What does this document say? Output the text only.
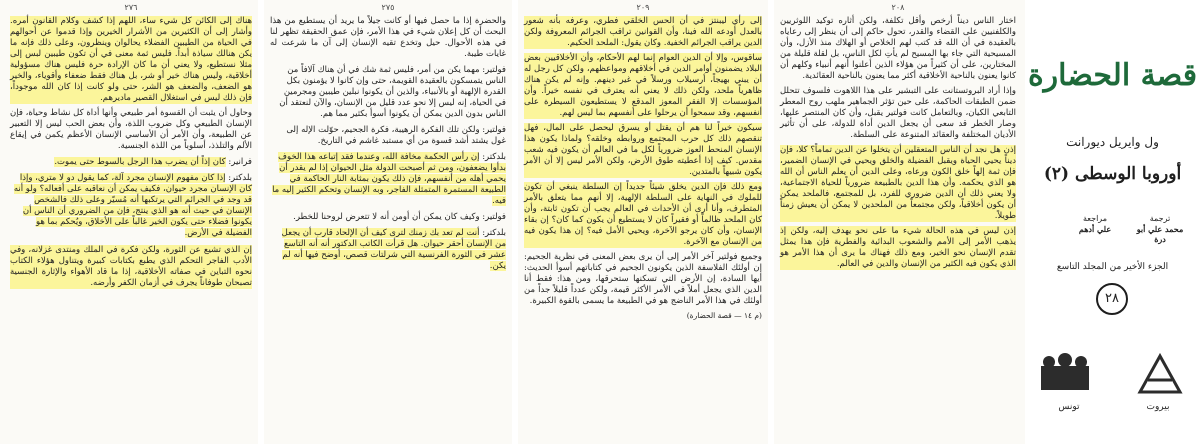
٢٧٦

هناك إلى الكائن كل شيء ساء، اللهم إذا كشف وكلام القانون أمره. وأشار إلى أن الكثيرين من الأشرار الخيرين وإذا قدموا عن أحوالهم في الحياة من الطيبين الفضلاء يحالوان وينظرون، وعلى ذلك فإنه ما يكن هنالك سياذة أبداً. فليس ثمة معنى في أن تكون طيبين لبس إلى مثلا نستطيع، ولا يعني أن ما كان الإرادة حرة فليس هناك مسؤولية أخلاقية، وليس هناك خير أو شر، بل هناك فقط ضعفاء وأقوياء، والخير هو الضعف، والضعف هو الشر، حتى ولو كانت إذا كان الله موجوداً، فإن ذلك ليس في استغلال القصير ماديرهم.

وحاول أن يثبت أن القسوة أمر طبيعي وأنها أداة كل نشاط وحياة، فإن الإنسان الطبيعي وكل ضروب اللذة، وأن بعض الحب ليس إلا التعبير عن الطبيعة، وأن الأمر أن الأساسي الإنسان الأعظم يكمن في إيقاع الألم والتلذذ، أسلوباً من اللذة الجنسية.

فرانير: كان إذاً أن يضرب هذا الرجل بالسوط حتى يموت.
بلدكتر: إذا كان مفهوم الإنسان مجرد آلة، كما يقول دو لا متري، وإذا كان الإنسان مجرد حيوان، فكيف يمكن أن نعاقبه على أفعاله؟ ولو أنه قد وجد في الجرائم التي يرتكبها أنه مُسيّر وعلى ذلك فالشخص الإنسان في حيث أنه هو الذي ينتج، فإن من الضروري أن الناس أن يكونوا فضلاء حتى يكون الخير غالباً على الأخلاق، ويُحكم بما هو الفضيلة في الأرض.

إن الذي تشيع عن الثورة، ولكن فكرة في الملك ومنتدى غزلانه، وفي الأدب الفاجر التحكم الذي يطبع بكتابات كبيرة ويتناول هؤلاء الكتاب نحوه التباين في صفاته الأخلاقية، إذا ما قاد الأهواء والإثارة الجنسية تصبحان طوفاناً يجرف في أزمان الكفر وأرضه.

٢٧٥

والحضرة إذا ما حصل فيها أو كانت جيلاً ما يريد أن يستطيع من هذا البحث أن كل إعلان شيء في هذا الأمر، فإن عمق الحقيقة تظهر لنا في هذه الأحوال. حيل وتخدع تقيه الإنسان إلى آن ما شرعت له غايات طيبة.

فولتير: مهما يكن من أمر، فليس ثمة شك في أن هناك آلافاً من الناس يتمسكون بالعقيدة القويمة، حتى وإن كانوا لا يؤمنون بكل القدرة الإلهية أو بالأنبياء، والذين أن يكونوا نبلين طيبين ومجرمين في الحياة، إنه ليس إلا نحو عدد قليل من الإنسان، والآن لنعتقد أن الناس بدون الدين يمكن أن يكونوا أسوأ بكثير مما هم.
فولتير: ولكن تلك الفكرة الرهيبة، فكرة الجحيم، حوّلت الإله إلى غول يشتد أشد قسوة من أي مستبد غاشم في التاريخ.
بلدكتر: إن رأس الحكمة مخافة الله، وعندما فقد إتباعه هذا الخوف بدأوا يضعفون، ومن ثم أصبحت الدولة مثل الحيوان إذا لم يقدر أن يحمي أهله من أنفسهم، فإن ذلك يكون بمثابة النار الحاكمة في الطبيعة المستمرة المتمثلة الفاجر، وبه الإنسان وتحكم الكثير إليه ما فيه.
فولتير: وكيف كان يمكن أن أومن أنه لا تتعرض لروحنا للخطر.
بلدكتر: أنت لم تعد بك زمنك لترى كيف أن الإلحاد قارب أن يجعل من الإنسان أحقر حيوان. هل قرأت الكاتب الدكتور أنه أنه التاسع عشر في الثورة الفرنسية التي شرلتات قصص، أوضح فيها أنه لم يكن.
٢٠٩

إلى رأي ليبنتز في أن الحس الخلقي فطري، وعرفه بأنه شعور بالعدل أودعه الله فينا، وأن القوانين تراقب الجرائم المعروفة ولكن الدين يراقب الجرائم الخفية. وكان يقول: الملحد الحكيم.

ساقوس، وإلا أن الدين العوام إنما لهم الأحكام، وأن الأخلاقيين بعض البلاد يضمنون أوامر الدين في أخلاقهم ومواعظهم، ولكن كل رجل له أن يبني بهيجاً، أرسيلاب ورسلاً في غير دينهم. وإنه لم يكن هناك ظاهرياً ملحد، ولكن ذلك لا يعني أنه يعترف في نفسه خيراً. وأن المؤسسات إلا الفقر المعوز المدقع لا يستطيعون السيطرة على أنفسهم، وقد سمحوا أن يرحلوا على أنفسهم بما ليس لهم.

سيكون خيراً لنا هم أن يقتل أو يسرق ليحصل على المال، فهل تنقصهم ذلك كل حرب المجتمع وروابطه وخلقه؟ ولماذا يكون هذا الإنسان المنحط العوز ضرورياً لكل ما في العالم أن يكون فيه شعب مقدس. كيف إذا أعطيته طوق الأرض، ولكن الأمر ليس إلا أن الأمر يكون شبيهاً بالمتدين.

ومع ذلك فإن الدين يخلق شيئاً جديداً إن السلطة ينبغي أن تكون للملوك في النهاية على السلطة الإلهية، إلا أنهم مما يتعلق بالأمر المتطرف، وأنا أرى أن الأحداث في العالم يجب أن تكون ثابتة، وأن كان الملحد ظالماً أو فقيراً كان لا يستطيع أن يكون كما كان؟ إن بقاء الإنسان، وأن كان يرجو الآخرة، ويحيي الأمل فيه؟ إن هذا يكون فيه من الإنسان مع الآخرة.

وجميع فولتير آخر الأمر إلى أن يرى بعض المعنى في نظرية الجحيم: إن أولئك الفلاسفة الذين يكونون الجحيم في كتاباتهم أسوأ الحديث: أيها السادة، إن الأرض التي تسكنها ستحرقها، ومن هذا: فقط أنا الدين الذي يجعل أملاً في الأمر الأكثر قيمة، ولكن عدداً قليلاً جداً من أولئك في هذا الأمر الناضج هو في الطبيعة ما يسمى بالقوة الكبيرة.

(م ١٤ — قصة الحضارة)
٢٠٨

اختار الناس ديناً أرخص وأقل تكلفة، ولكن أثاره توكيد اللوثريين والكلفنيين على القضاء والقدر، تحول حاكم إلى أن ينظر إلى رعاياه بالعقيدة في أن الله قد كتب لهم الخلاص أو الهلاك منذ الأزل، وأن المسيحية التي جاء بها المسيح لم يأتِ لكل الناس، بل لقلة قليلة من المختارين، على أن كثيراً من هؤلاء الذين أعلنوا أنهم أنبياء وكلهم أن كانوا يعنون بالناحية الأخلاقية أكثر مما يعنون بالناحية العقائدية.

وإذا أراد البروتستانت على التبشير على هذا اللاهوت فلسوف تتحلل ضمن الطبقات الحاكمة، على حين تؤثر الجماهير ملهب روح المعطر التابعي الكيان، وبالتعامل كانت فولتير يقبل، وأن كان المنتصر عليها، وصار الخطر قد سعى أن يجعل الدين أداة للدولة، على أن تأثير الأديان المختلفة والعقائد المتنوعة على السلطة.

إذن هل نجد أن الناس المتعقلين أن يتخلوا عن الدين تماماً؟ كلا، فإن ديناً يحيي الحياة ويقبل الفضيلة والخلق ويحيي في الإنسان الضمير، فإن ثمة إلهاً خلق الكون ورعاه، وعلى الدين أن يعلم الناس أن الله هو الذي يحكمه. وأن هذا الدين بالطبيعة ضرورياً للحياة الاجتماعية، ولا يعني ذلك أن الدين ضروري للفرد، بل للمجتمع، فالملحد يمكن أن يكون أخلاقياً، ولكن مجتمعاً من الملحدين لا يمكن أن يعيش زمناً طويلاً.

إذن ليس في هذه الحالة شيء ما على نحو يهدف إليه، ولكن إذ يذهب الأمر إلى الأمم والشعوب البدائية والفطرية فإن هذا يمثل تقدم الإنسان نحو الخير، ومع ذلك فهناك ما يرى أن هذا الأمر هو الذي يكون فيه الكثير من الإنسان والدين في العالم.

قصة الحضارة
ول وايريل ديورانت
أوروبا الوسطى (٢)
ترجمة
محمد علي أبو درة
مراجعة
علي أدهم
الجزء الأخير من المجلد التاسع
٢٨
تونس	بيروت
